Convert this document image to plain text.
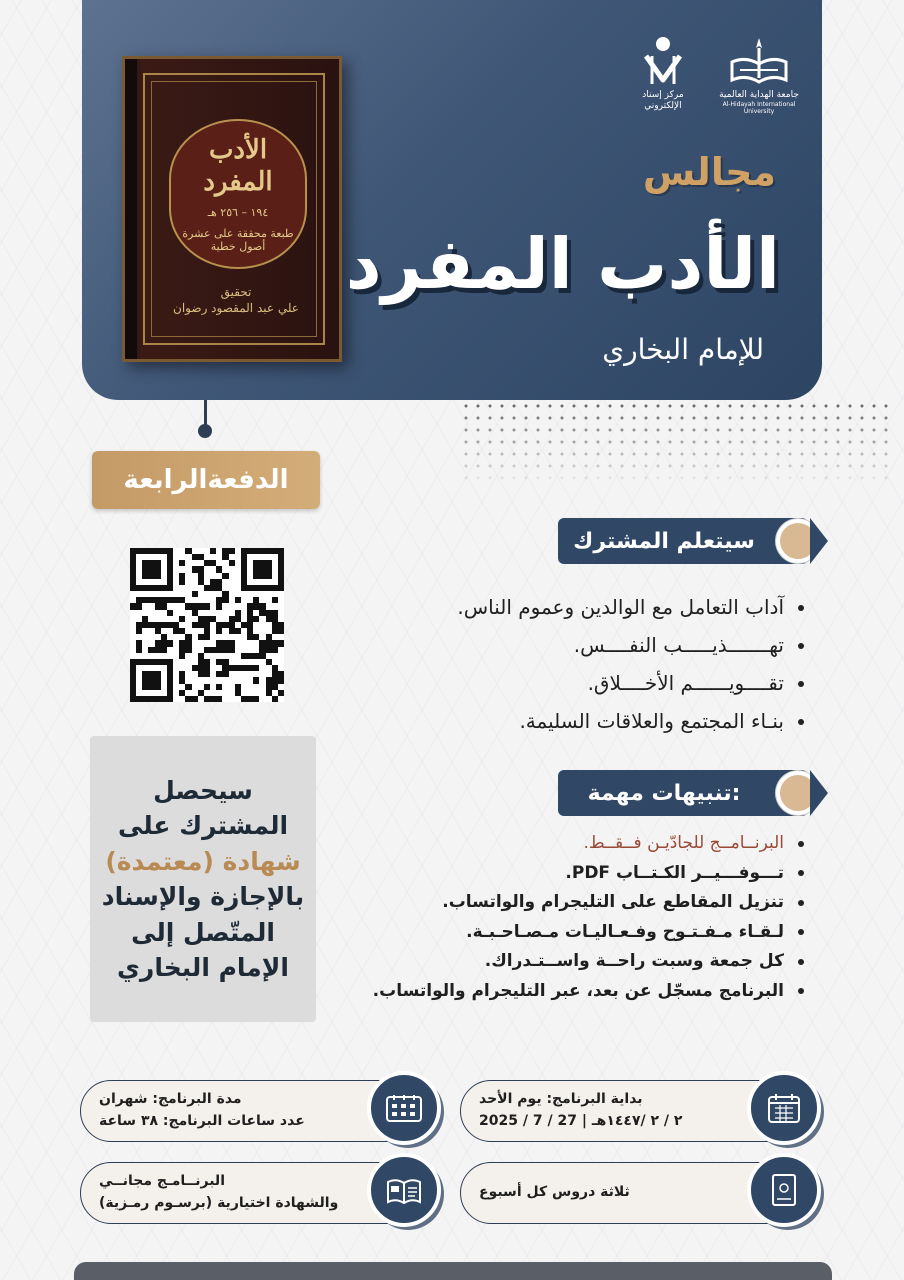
الأدب المفرد
١٩٤ – ٢٥٦ هـ
طبعة محققة على عشرة أصول خطية
تحقيق
علي عبد المقصود رضوان
جامعة الهداية العالمية
Al-Hidayah International University
مركز إسناد الإلكتروني
مجالس
الأدب المفرد
للإمام البخاري
الدفعةالرابعة
سيحصل
المشترك على
شهادة (معتمدة)
بالإجازة والإسناد
المتّصل إلى
الإمام البخاري
سيتعلم المشترك
آداب التعامل مع الوالدين وعموم الناس.
تهـــــــذيـــــب النفــــس.
تقــــويــــــم الأخــــلاق.
بنـاء المجتمع والعلاقات السليمة.
تنبيهات مهمة:
البرنــامــج للجادّيـن فــقــط.
تـــوفـــيــر الكـتــاب PDF.
تنزيل المقاطع على التليجرام والواتساب.
لـقـاء مـفـتـوح وفـعـاليـات مـصـاحـبـة.
كل جمعة وسبت راحــة واســتـدراك.
البرنامج مسجّل عن بعد، عبر التليجرام والواتساب.
بداية البرنامج: يوم الأحد
٢ / ٢ /١٤٤٧هـ | 27 / 7 / 2025
مدة البرنامج: شهران
عدد ساعات البرنامج: ٣٨ ساعة
ثلاثة دروس كل أسبوع
البرنــامـج مجانــي
والشهادة اختيارية (برسـوم رمـزية)
